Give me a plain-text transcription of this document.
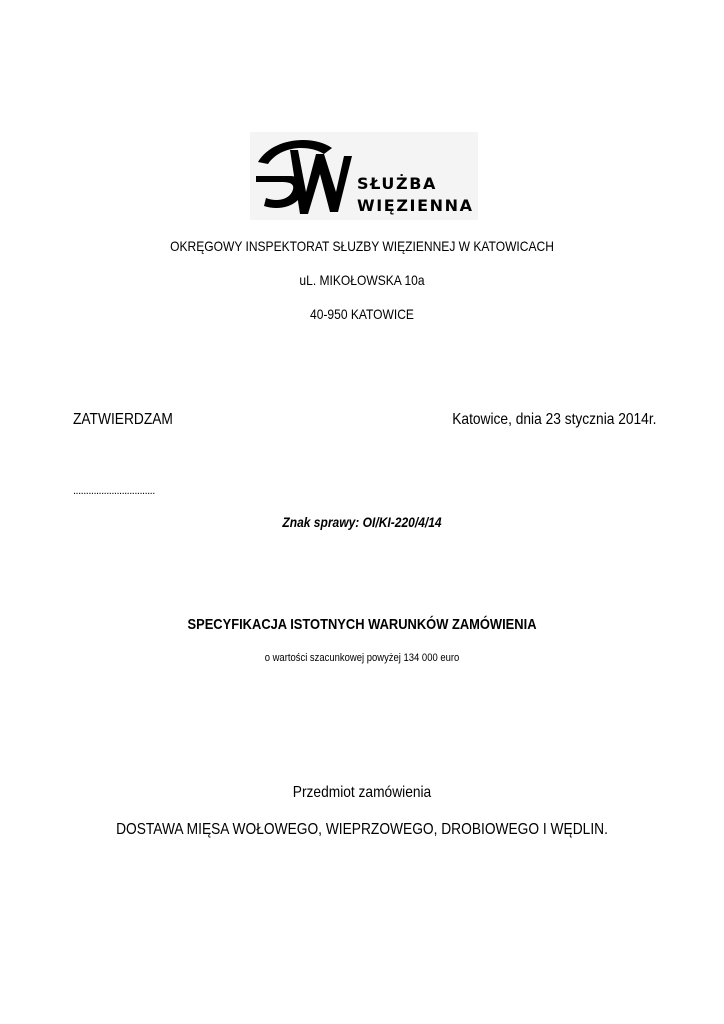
SŁUŻBA
WIĘZIENNA
OKRĘGOWY INSPEKTORAT SŁUZBY WIĘZIENNEJ W KATOWICACH
uL. MIKOŁOWSKA 10a
40-950 KATOWICE
ZATWIERDZAM	Katowice, dnia 23 stycznia 2014r.
................................
Znak sprawy: OI/KI-220/4/14
SPECYFIKACJA ISTOTNYCH WARUNKÓW ZAMÓWIENIA
o wartości szacunkowej powyżej 134 000 euro
Przedmiot zamówienia
DOSTAWA MIĘSA WOŁOWEGO, WIEPRZOWEGO, DROBIOWEGO I WĘDLIN.
